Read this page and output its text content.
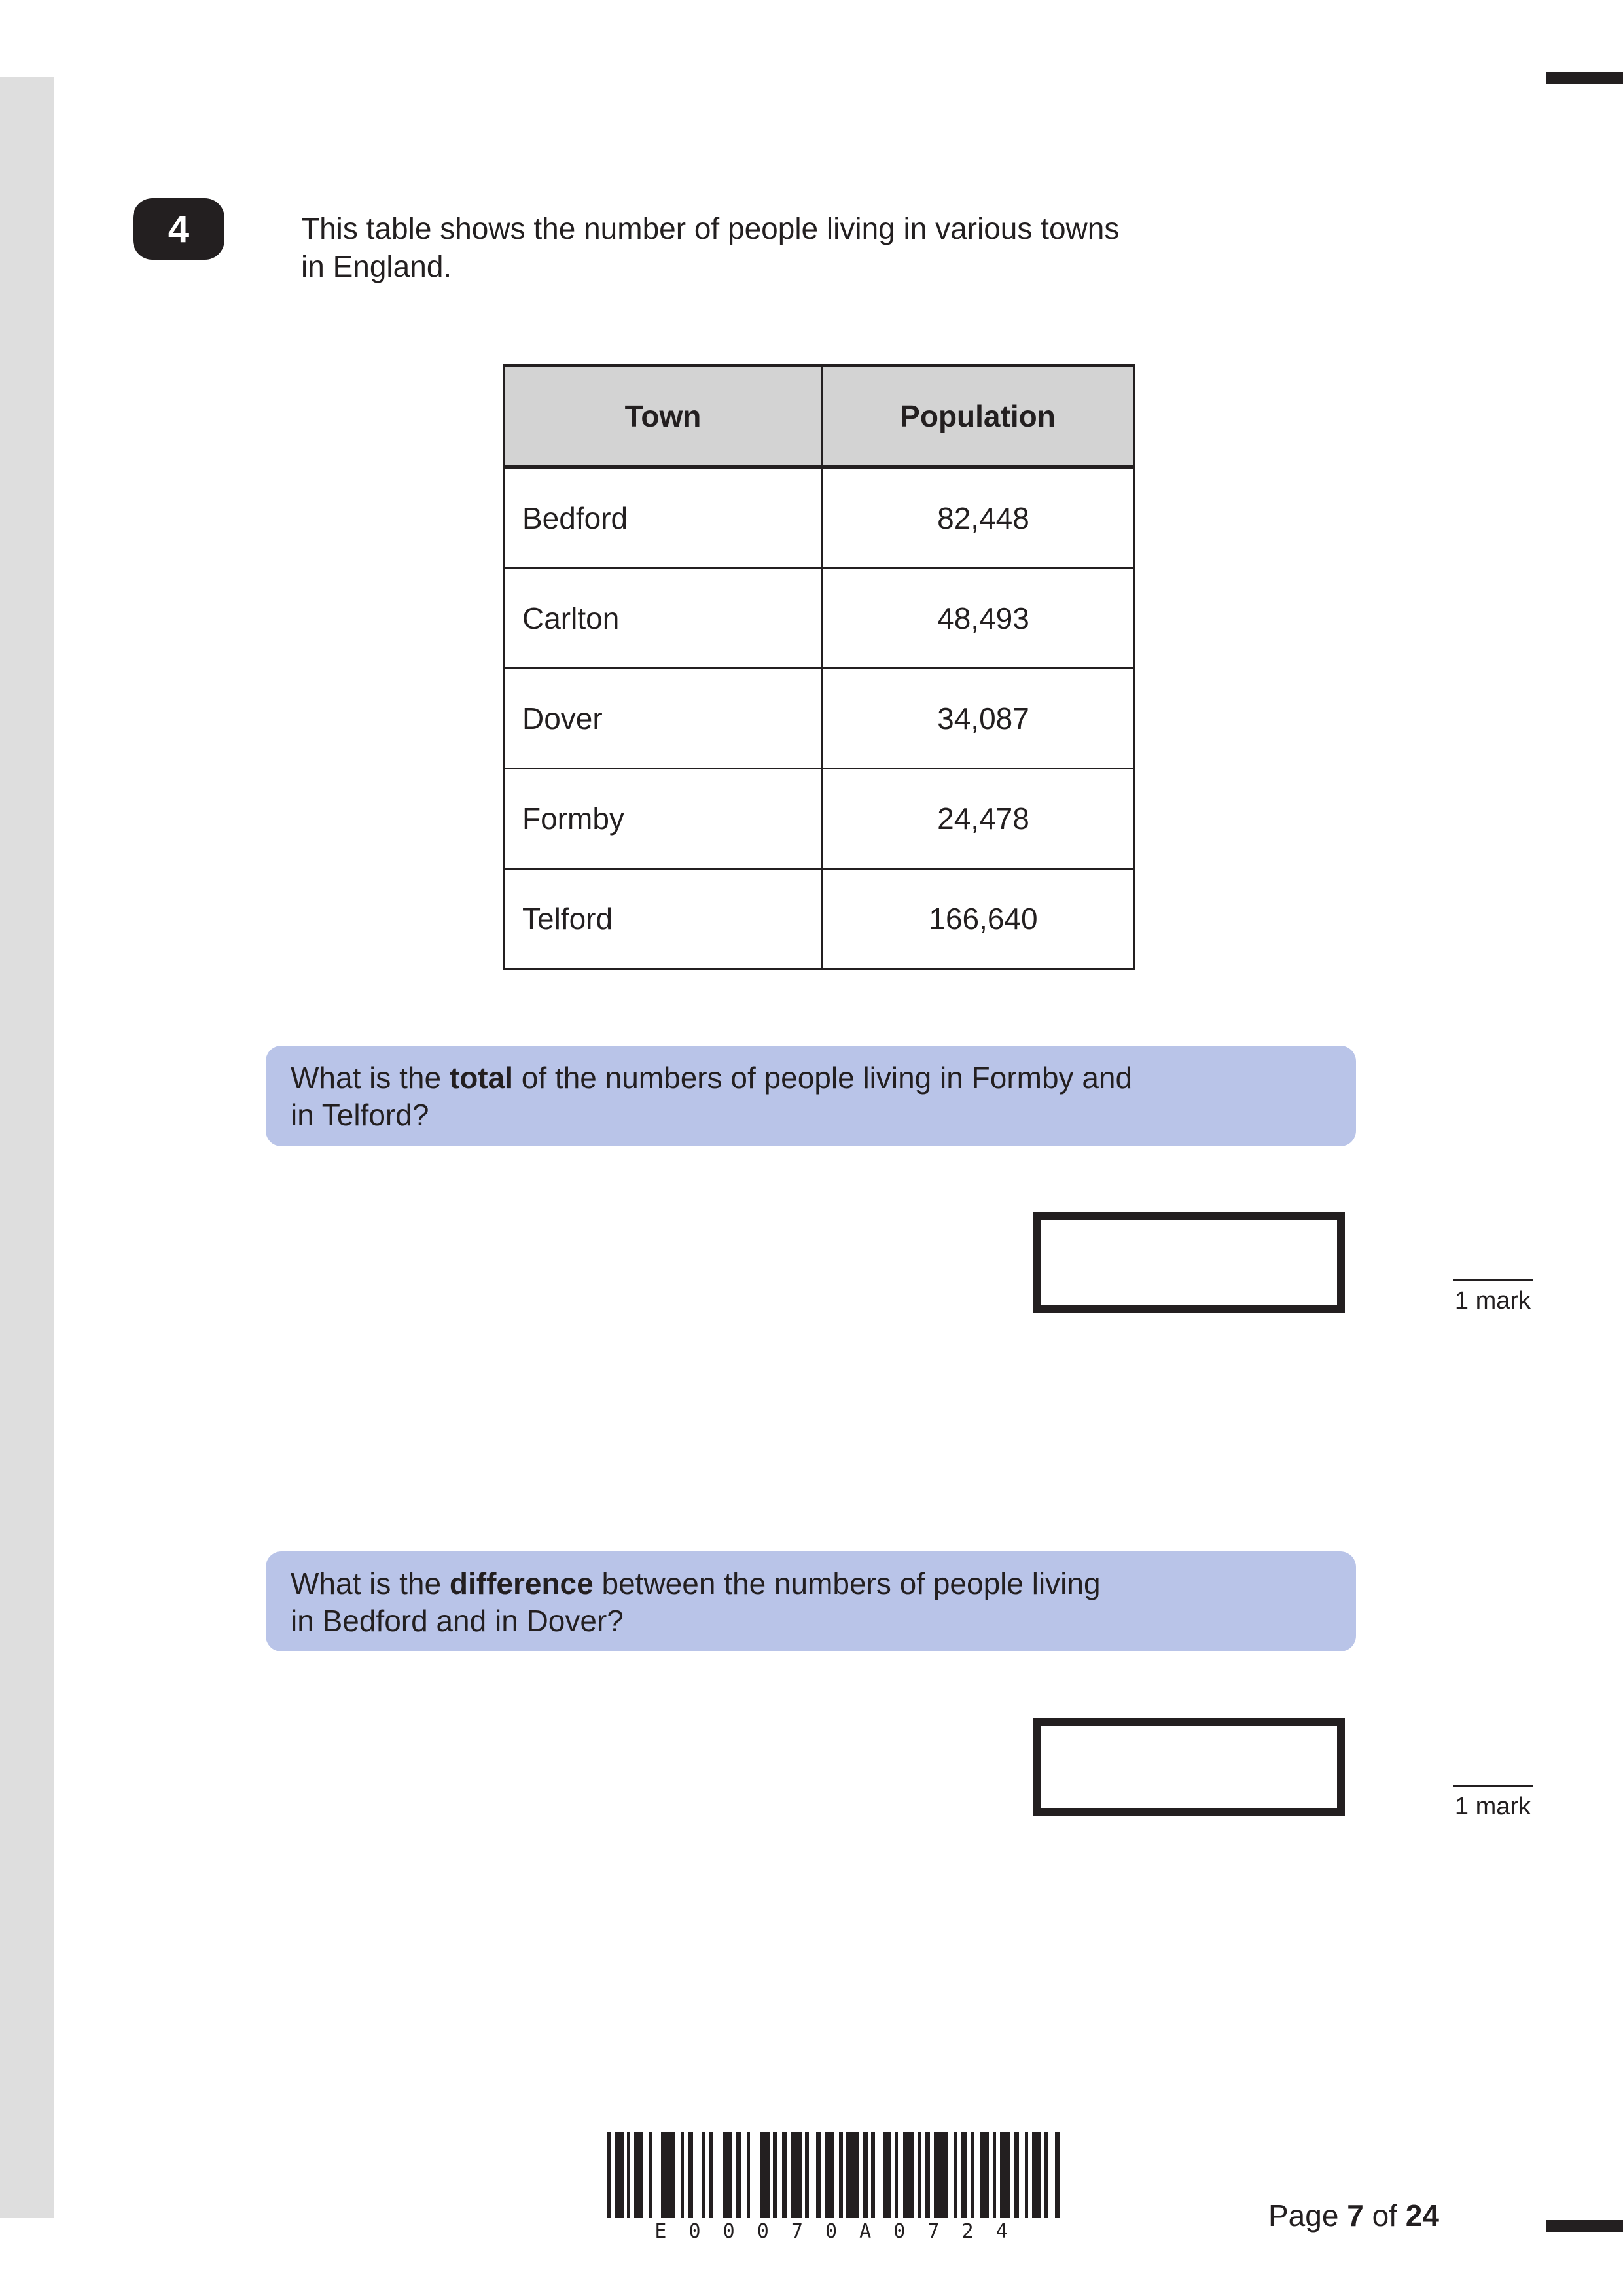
4	This table shows the number of people living in various towns
in England.
Town	Population
Bedford	82,448
Carlton	48,493
Dover	34,087
Formby	24,478
Telford	166,640
What is the total of the numbers of people living in Formby and
in Telford?
1 mark
What is the difference between the numbers of people living
in Bedford and in Dover?
1 mark
E 0 0 0 7 0 A 0 7 2 4	Page 7 of 24
